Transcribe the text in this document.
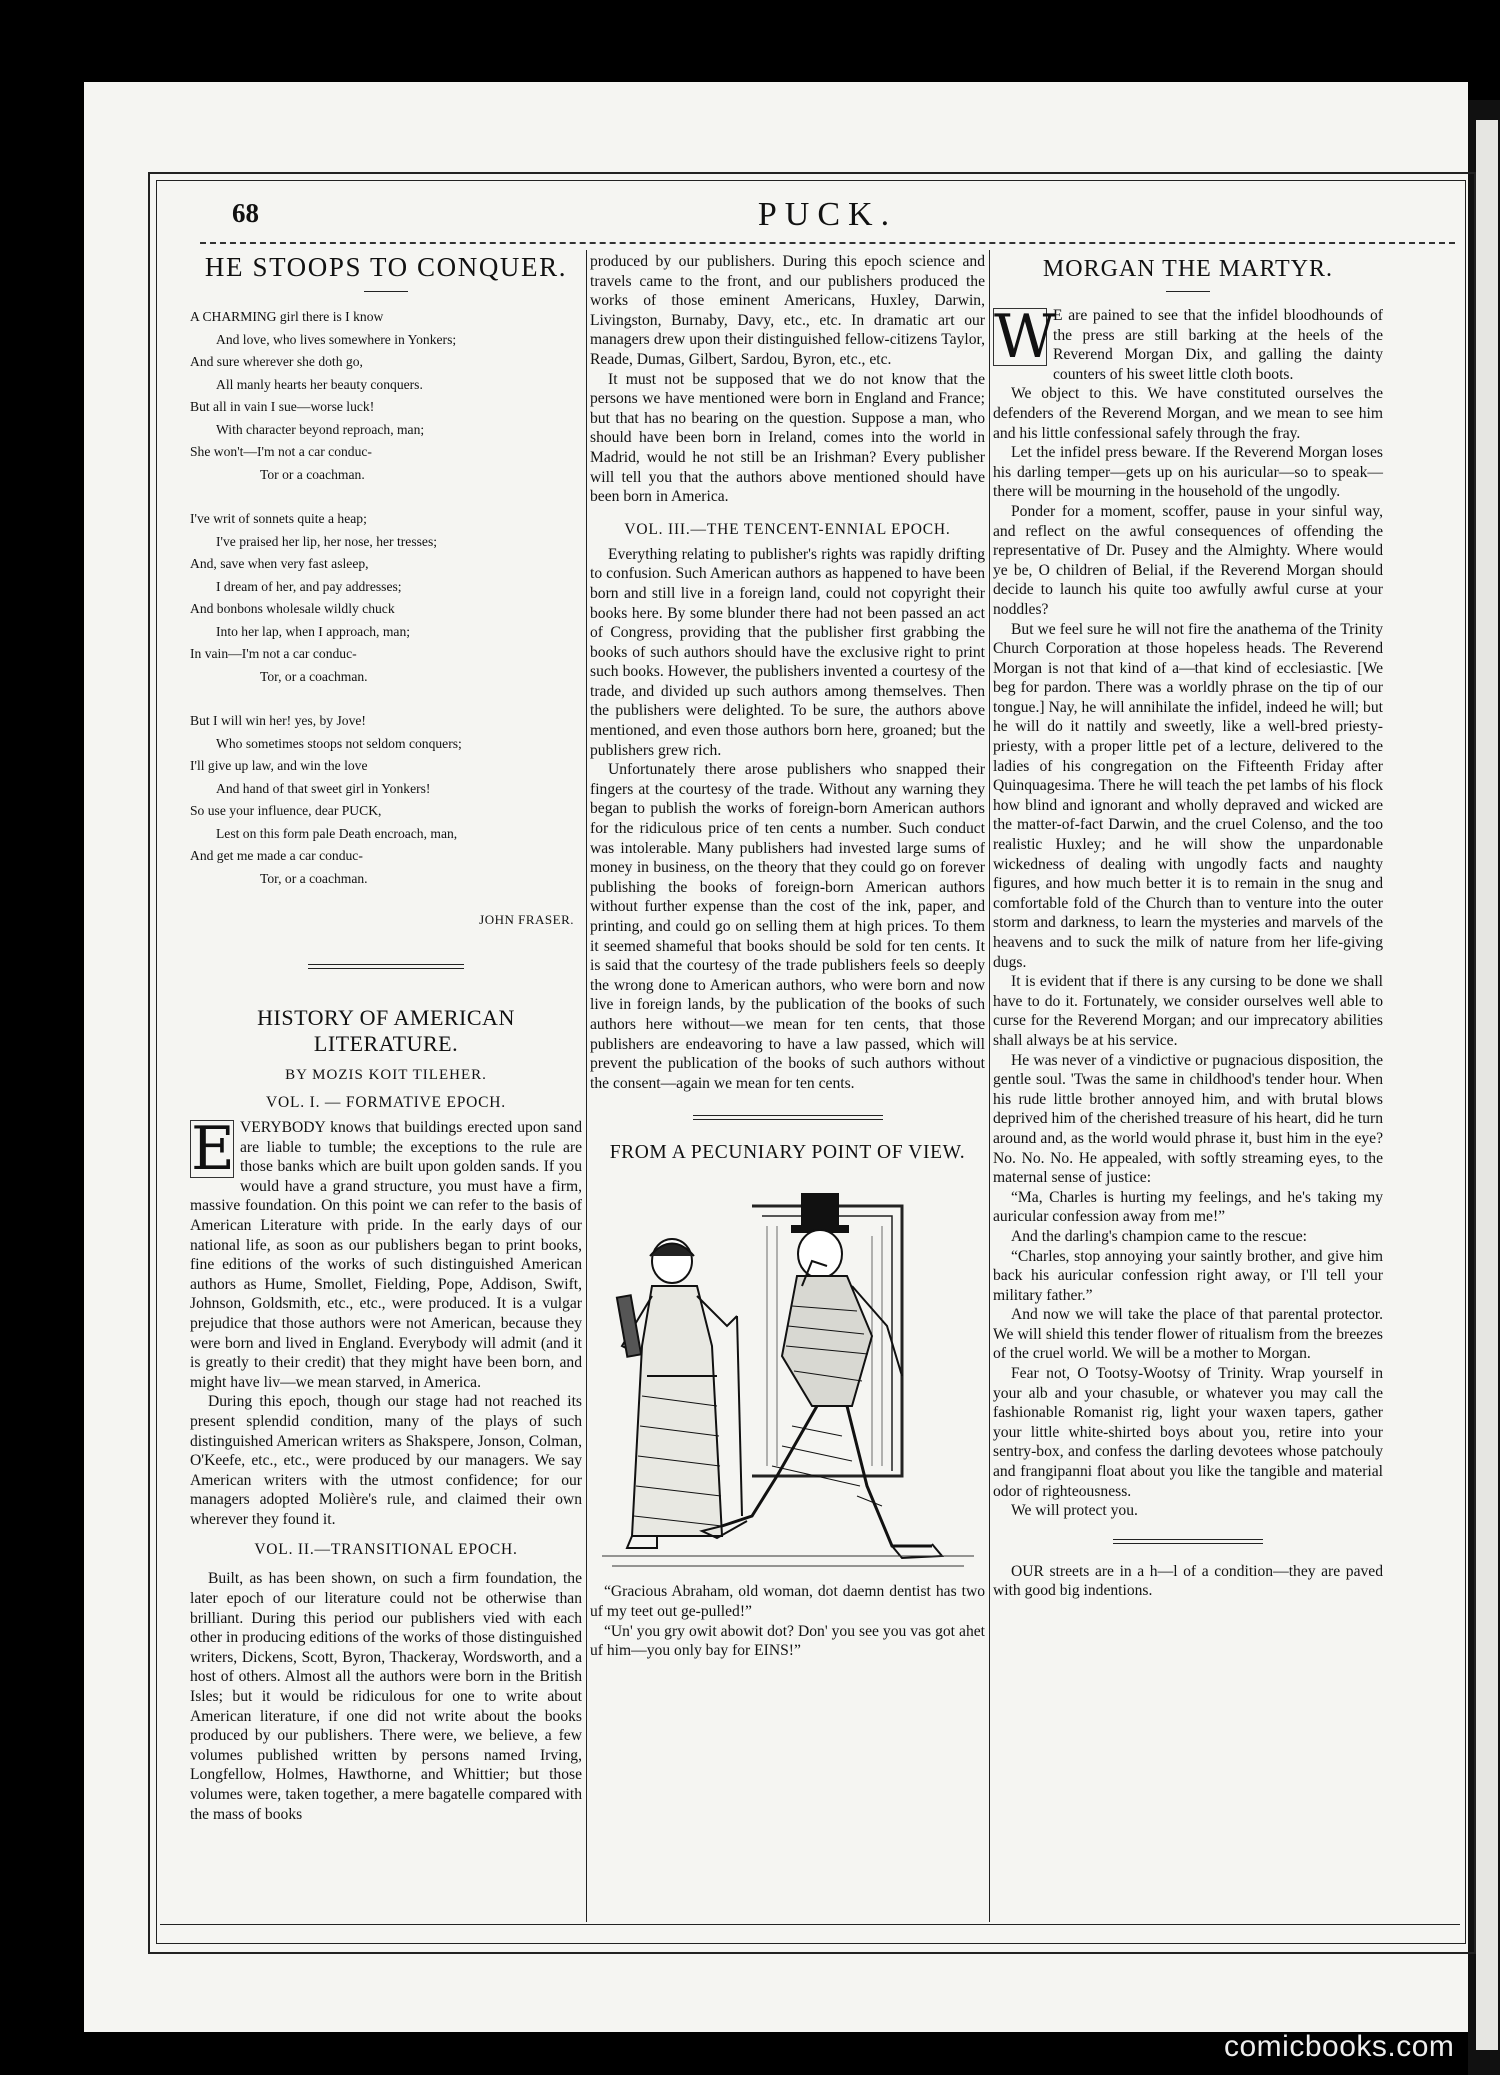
68	PUCK.
HE STOOPS TO CONQUER.

A CHARMING girl there is I know

And love, who lives somewhere in Yonkers;

And sure wherever she doth go,

All manly hearts her beauty conquers.

But all in vain I sue—worse luck!

With character beyond reproach, man;

She won't—I'm not a car conduc-

Tor or a coachman.

I've writ of sonnets quite a heap;

I've praised her lip, her nose, her tresses;

And, save when very fast asleep,

I dream of her, and pay addresses;

And bonbons wholesale wildly chuck

Into her lap, when I approach, man;

In vain—I'm not a car conduc-

Tor, or a coachman.

But I will win her! yes, by Jove!

Who sometimes stoops not seldom conquers;

I'll give up law, and win the love

And hand of that sweet girl in Yonkers!

So use your influence, dear PUCK,

Lest on this form pale Death encroach, man,

And get me made a car conduc-

Tor, or a coachman.

JOHN FRASER.
HISTORY OF AMERICAN LITERATURE.
BY MOZIS KOIT TILEHER.
VOL. I. — FORMATIVE EPOCH.

E VERYBODY knows that buildings erected upon sand are liable to tumble; the exceptions to the rule are those banks which are built upon golden sands. If you would have a grand structure, you must have a firm, massive foundation. On this point we can refer to the basis of American Literature with pride. In the early days of our national life, as soon as our publishers began to print books, fine editions of the works of such distinguished American authors as Hume, Smollet, Fielding, Pope, Addison, Swift, Johnson, Goldsmith, etc., etc., were produced. It is a vulgar prejudice that those authors were not American, because they were born and lived in England. Everybody will admit (and it is greatly to their credit) that they might have been born, and might have liv—we mean starved, in America.

During this epoch, though our stage had not reached its present splendid condition, many of the plays of such distinguished American writers as Shakspere, Jonson, Colman, O'Keefe, etc., etc., were produced by our managers. We say American writers with the utmost confidence; for our managers adopted Molière's rule, and claimed their own wherever they found it.

VOL. II.—TRANSITIONAL EPOCH.

Built, as has been shown, on such a firm foundation, the later epoch of our literature could not be otherwise than brilliant. During this period our publishers vied with each other in producing editions of the works of those distinguished writers, Dickens, Scott, Byron, Thackeray, Wordsworth, and a host of others. Almost all the authors were born in the British Isles; but it would be ridiculous for one to write about American literature, if one did not write about the books produced by our publishers. There were, we believe, a few volumes published written by persons named Irving, Longfellow, Holmes, Hawthorne, and Whittier; but those volumes were, taken together, a mere bagatelle compared with the mass of books

produced by our publishers. During this epoch science and travels came to the front, and our publishers produced the works of those eminent Americans, Huxley, Darwin, Livingston, Burnaby, Davy, etc., etc. In dramatic art our managers drew upon their distinguished fellow-citizens Taylor, Reade, Dumas, Gilbert, Sardou, Byron, etc., etc.

It must not be supposed that we do not know that the persons we have mentioned were born in England and France; but that has no bearing on the question. Suppose a man, who should have been born in Ireland, comes into the world in Madrid, would he not still be an Irishman? Every publisher will tell you that the authors above mentioned should have been born in America.

VOL. III.—THE TENCENT-ENNIAL EPOCH.

Everything relating to publisher's rights was rapidly drifting to confusion. Such American authors as happened to have been born and still live in a foreign land, could not copyright their books here. By some blunder there had not been passed an act of Congress, providing that the publisher first grabbing the books of such authors should have the exclusive right to print such books. However, the publishers invented a courtesy of the trade, and divided up such authors among themselves. Then the publishers were delighted. To be sure, the authors above mentioned, and even those authors born here, groaned; but the publishers grew rich.

Unfortunately there arose publishers who snapped their fingers at the courtesy of the trade. Without any warning they began to publish the works of foreign-born American authors for the ridiculous price of ten cents a number. Such conduct was intolerable. Many publishers had invested large sums of money in business, on the theory that they could go on forever publishing the books of foreign-born American authors without further expense than the cost of the ink, paper, and printing, and could go on selling them at high prices. To them it seemed shameful that books should be sold for ten cents. It is said that the courtesy of the trade publishers feels so deeply the wrong done to American authors, who were born and now live in foreign lands, by the publication of the books of such authors here without—we mean for ten cents, that those publishers are endeavoring to have a law passed, which will prevent the publication of the books of such authors without the consent—again we mean for ten cents.

FROM A PECUNIARY POINT OF VIEW.

“Gracious Abraham, old woman, dot daemn dentist has two uf my teet out ge-pulled!”

“Un' you gry owit abowit dot? Don' you see you vas got ahet uf him—you only bay for EINS!”

MORGAN THE MARTYR.

W
E are pained to see that the infidel bloodhounds of the press are still barking at the heels of the Reverend Morgan Dix, and galling the dainty counters of his sweet little cloth boots.

We object to this. We have constituted ourselves the defenders of the Reverend Morgan, and we mean to see him and his little confessional safely through the fray.

Let the infidel press beware. If the Reverend Morgan loses his darling temper—gets up on his auricular—so to speak—there will be mourning in the household of the ungodly.

Ponder for a moment, scoffer, pause in your sinful way, and reflect on the awful consequences of offending the representative of Dr. Pusey and the Almighty. Where would ye be, O children of Belial, if the Reverend Morgan should decide to launch his quite too awfully awful curse at your noddles?

But we feel sure he will not fire the anathema of the Trinity Church Corporation at those hopeless heads. The Reverend Morgan is not that kind of a—that kind of ecclesiastic. [We beg for pardon. There was a worldly phrase on the tip of our tongue.] Nay, he will annihilate the infidel, indeed he will; but he will do it nattily and sweetly, like a well-bred priesty-priesty, with a proper little pet of a lecture, delivered to the ladies of his congregation on the Fifteenth Friday after Quinquagesima. There he will teach the pet lambs of his flock how blind and ignorant and wholly depraved and wicked are the matter-of-fact Darwin, and the cruel Colenso, and the too realistic Huxley; and he will show the unpardonable wickedness of dealing with ungodly facts and naughty figures, and how much better it is to remain in the snug and comfortable fold of the Church than to venture into the outer storm and darkness, to learn the mysteries and marvels of the heavens and to suck the milk of nature from her life-giving dugs.

It is evident that if there is any cursing to be done we shall have to do it. Fortunately, we consider ourselves well able to curse for the Reverend Morgan; and our imprecatory abilities shall always be at his service.

He was never of a vindictive or pugnacious disposition, the gentle soul. 'Twas the same in childhood's tender hour. When his rude little brother annoyed him, and with brutal blows deprived him of the cherished treasure of his heart, did he turn around and, as the world would phrase it, bust him in the eye? No. No. No. He appealed, with softly streaming eyes, to the maternal sense of justice:

“Ma, Charles is hurting my feelings, and he's taking my auricular confession away from me!”

And the darling's champion came to the rescue:

“Charles, stop annoying your saintly brother, and give him back his auricular confession right away, or I'll tell your military father.”

And now we will take the place of that parental protector. We will shield this tender flower of ritualism from the breezes of the cruel world. We will be a mother to Morgan.

Fear not, O Tootsy-Wootsy of Trinity. Wrap yourself in your alb and your chasuble, or whatever you may call the fashionable Romanist rig, light your waxen tapers, gather your little white-shirted boys about you, retire into your sentry-box, and confess the darling devotees whose patchouly and frangipanni float about you like the tangible and material odor of righteousness.

We will protect you.

OUR streets are in a h—l of a condition—they are paved with good big indentions.

comicbooks.com
